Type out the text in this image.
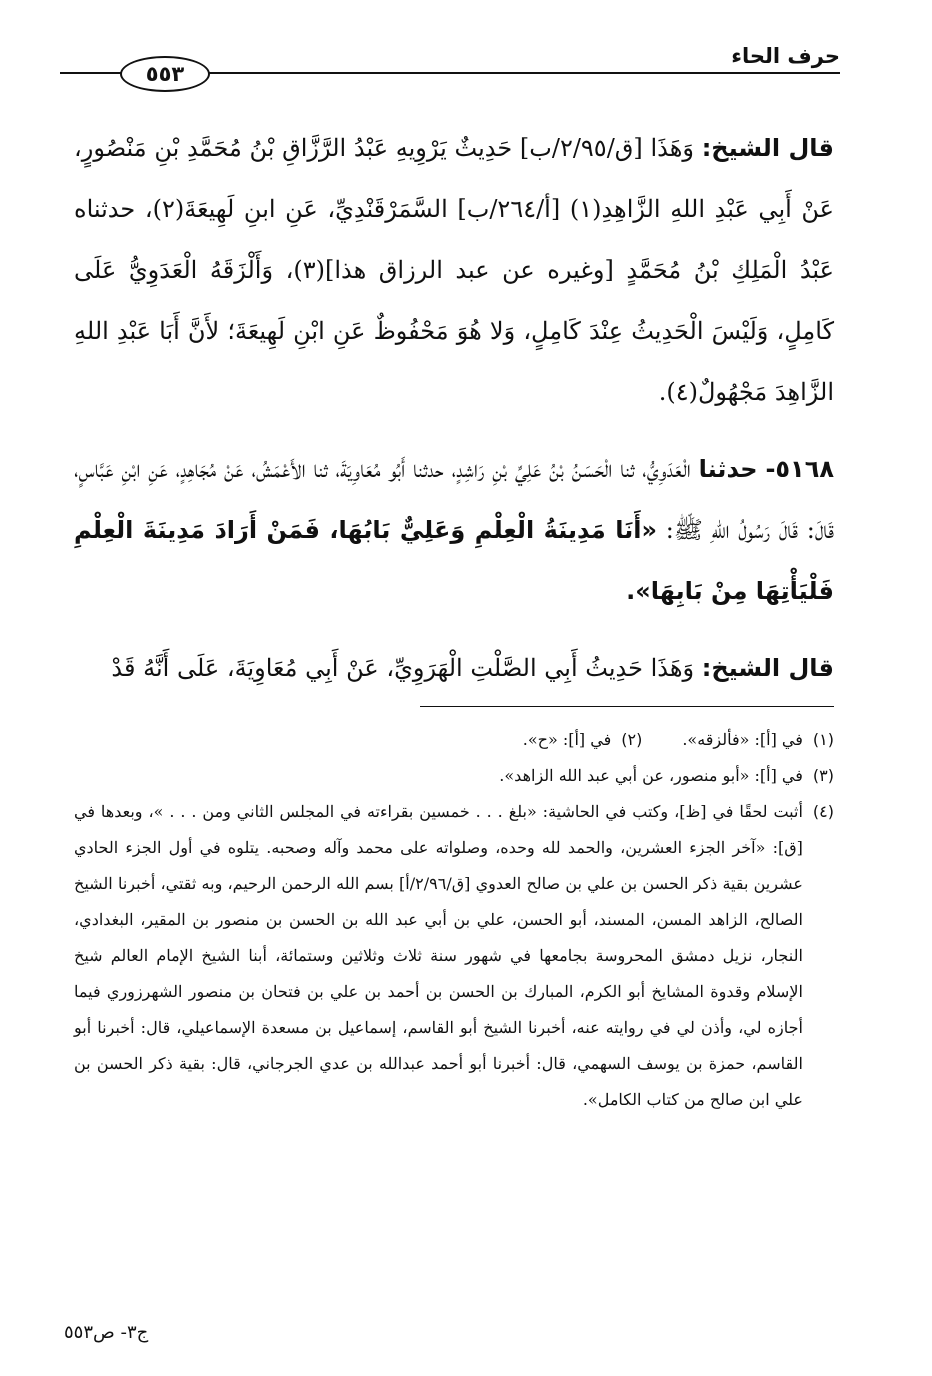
حرف الحاء
٥٥٣

قال الشيخ: وَهَذَا [ق/٢/٩٥/ب] حَدِيثٌ يَرْوِيهِ عَبْدُ الرَّزَّاقِ بْنُ مُحَمَّدِ بْنِ مَنْصُورٍ، عَنْ أَبِي عَبْدِ اللهِ الزَّاهِدِ(١) [أ/٢٦٤/ب] السَّمَرْقَنْدِيِّ، عَنِ ابنِ لَهِيعَةَ(٢)، حدثناه عَبْدُ الْمَلِكِ بْنُ مُحَمَّدٍ [وغيره عن عبد الرزاق هذا](٣)، وَأَلْزَقَهُ الْعَدَوِيُّ عَلَى كَامِلٍ، وَلَيْسَ الْحَدِيثُ عِنْدَ كَامِلٍ، وَلا هُوَ مَحْفُوظٌ عَنِ ابْنِ لَهِيعَةَ؛ لأَنَّ أَبَا عَبْدِ اللهِ الزَّاهِدَ مَجْهُولٌ(٤).

٥١٦٨- حدثنا الْعَدَوِيُّ، ثنا الْحَسَنُ بْنُ عَلِيِّ بْنِ رَاشِدٍ، حدثنا أَبُو مُعَاوِيَةَ، ثنا الأَعْمَشُ، عَنْ مُجَاهِدٍ، عَنِ ابْنِ عَبَّاسٍ، قَالَ: قَالَ رَسُولُ اللهِ ﷺ: «أَنَا مَدِينَةُ الْعِلْمِ وَعَلِيٌّ بَابُهَا، فَمَنْ أَرَادَ مَدِينَةَ الْعِلْمِ فَلْيَأْتِهَا مِنْ بَابِهَا».

قال الشيخ: وَهَذَا حَدِيثُ أَبِي الصَّلْتِ الْهَرَوِيِّ، عَنْ أَبِي مُعَاوِيَةَ، عَلَى أَنَّهُ قَدْ

(١)
في [أ]: «فألزقه».
(٢)
في [أ]: «ح».
(٣)
في [أ]: «أبو منصور، عن أبي عبد الله الزاهد».
(٤)
أثبت لحقًا في [ظ]، وكتب في الحاشية: «بلغ . . . خمسين بقراءته في المجلس الثاني ومن . . . »، وبعدها في [ق]: «آخر الجزء العشرين، والحمد لله وحده، وصلواته على محمد وآله وصحبه. يتلوه في أول الجزء الحادي عشرين بقية ذكر الحسن بن علي بن صالح العدوي [ق/٢/٩٦/أ] بسم الله الرحمن الرحيم، وبه ثقتي، أخبرنا الشيخ الصالح، الزاهد المسن، المسند، أبو الحسن، علي بن أبي عبد الله بن الحسن بن منصور بن المقير، البغدادي، النجار، نزيل دمشق المحروسة بجامعها في شهور سنة ثلاث وثلاثين وستمائة، أبنا الشيخ الإمام العالم شيخ الإسلام وقدوة المشايخ أبو الكرم، المبارك بن الحسن بن أحمد بن علي بن فتحان بن منصور الشهرزوري فيما أجازه لي، وأذن لي في روايته عنه، أخبرنا الشيخ أبو القاسم، إسماعيل بن مسعدة الإسماعيلي، قال: أخبرنا أبو القاسم، حمزة بن يوسف السهمي، قال: أخبرنا أبو أحمد عبدالله بن عدي الجرجاني، قال: بقية ذكر الحسن بن علي ابن صالح من كتاب الكامل».
ج٣- ص٥٥٣
